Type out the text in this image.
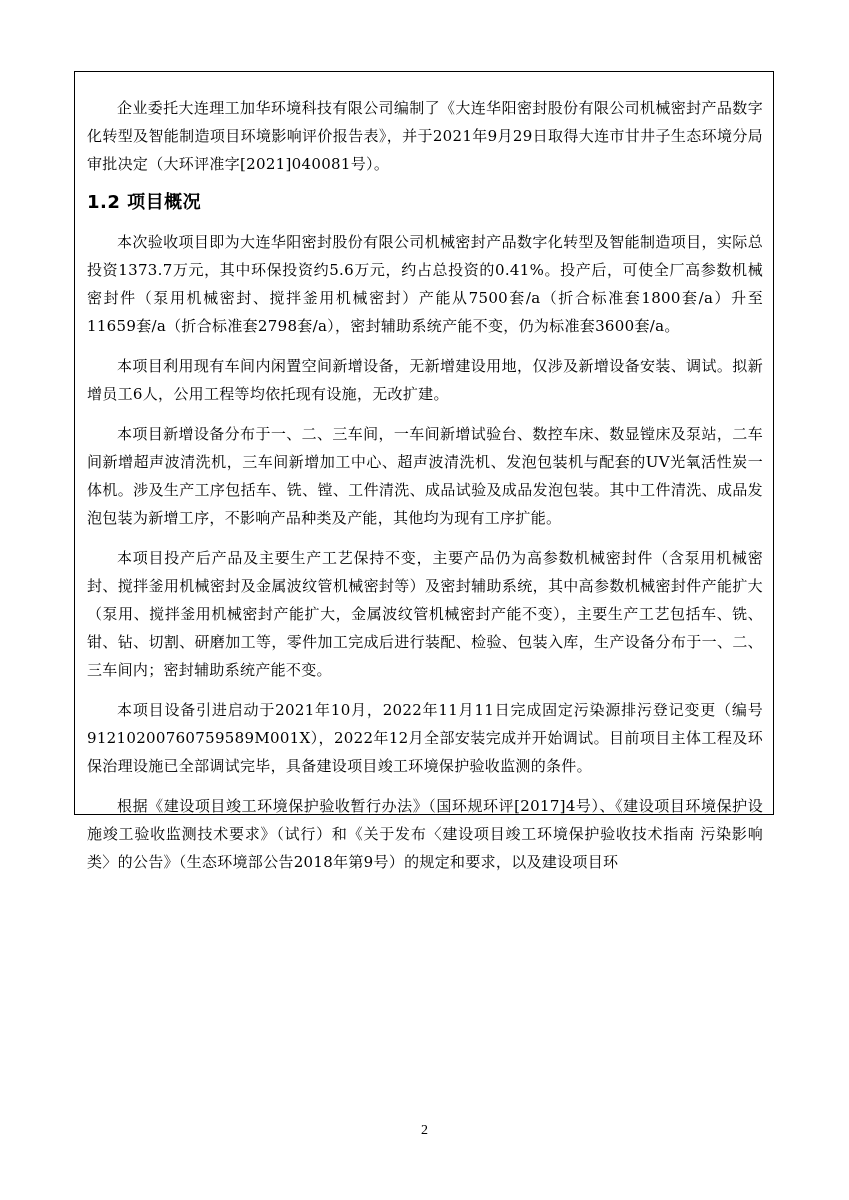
企业委托大连理工加华环境科技有限公司编制了《大连华阳密封股份有限公司机械密封产品数字化转型及智能制造项目环境影响评价报告表》，并于2021年9月29日取得大连市甘井子生态环境分局审批决定（大环评准字[2021]040081号）。

1.2 项目概况

本次验收项目即为大连华阳密封股份有限公司机械密封产品数字化转型及智能制造项目，实际总投资1373.7万元，其中环保投资约5.6万元，约占总投资的0.41%。投产后，可使全厂高参数机械密封件（泵用机械密封、搅拌釜用机械密封）产能从7500套/a（折合标准套1800套/a）升至11659套/a（折合标准套2798套/a），密封辅助系统产能不变，仍为标准套3600套/a。

本项目利用现有车间内闲置空间新增设备，无新增建设用地，仅涉及新增设备安装、调试。拟新增员工6人，公用工程等均依托现有设施，无改扩建。

本项目新增设备分布于一、二、三车间，一车间新增试验台、数控车床、数显镗床及泵站，二车间新增超声波清洗机，三车间新增加工中心、超声波清洗机、发泡包装机与配套的UV光氧活性炭一体机。涉及生产工序包括车、铣、镗、工件清洗、成品试验及成品发泡包装。其中工件清洗、成品发泡包装为新增工序，不影响产品种类及产能，其他均为现有工序扩能。

本项目投产后产品及主要生产工艺保持不变，主要产品仍为高参数机械密封件（含泵用机械密封、搅拌釜用机械密封及金属波纹管机械密封等）及密封辅助系统，其中高参数机械密封件产能扩大（泵用、搅拌釜用机械密封产能扩大，金属波纹管机械密封产能不变），主要生产工艺包括车、铣、钳、钻、切割、研磨加工等，零件加工完成后进行装配、检验、包装入库，生产设备分布于一、二、三车间内；密封辅助系统产能不变。

本项目设备引进启动于2021年10月，2022年11月11日完成固定污染源排污登记变更（编号91210200760759589M001X），2022年12月全部安装完成并开始调试。目前项目主体工程及环保治理设施已全部调试完毕，具备建设项目竣工环境保护验收监测的条件。

根据《建设项目竣工环境保护验收暂行办法》（国环规环评[2017]4号）、《建设项目环境保护设施竣工验收监测技术要求》（试行）和《关于发布〈建设项目竣工环境保护验收技术指南 污染影响类〉的公告》（生态环境部公告2018年第9号）的规定和要求，以及建设项目环

2
